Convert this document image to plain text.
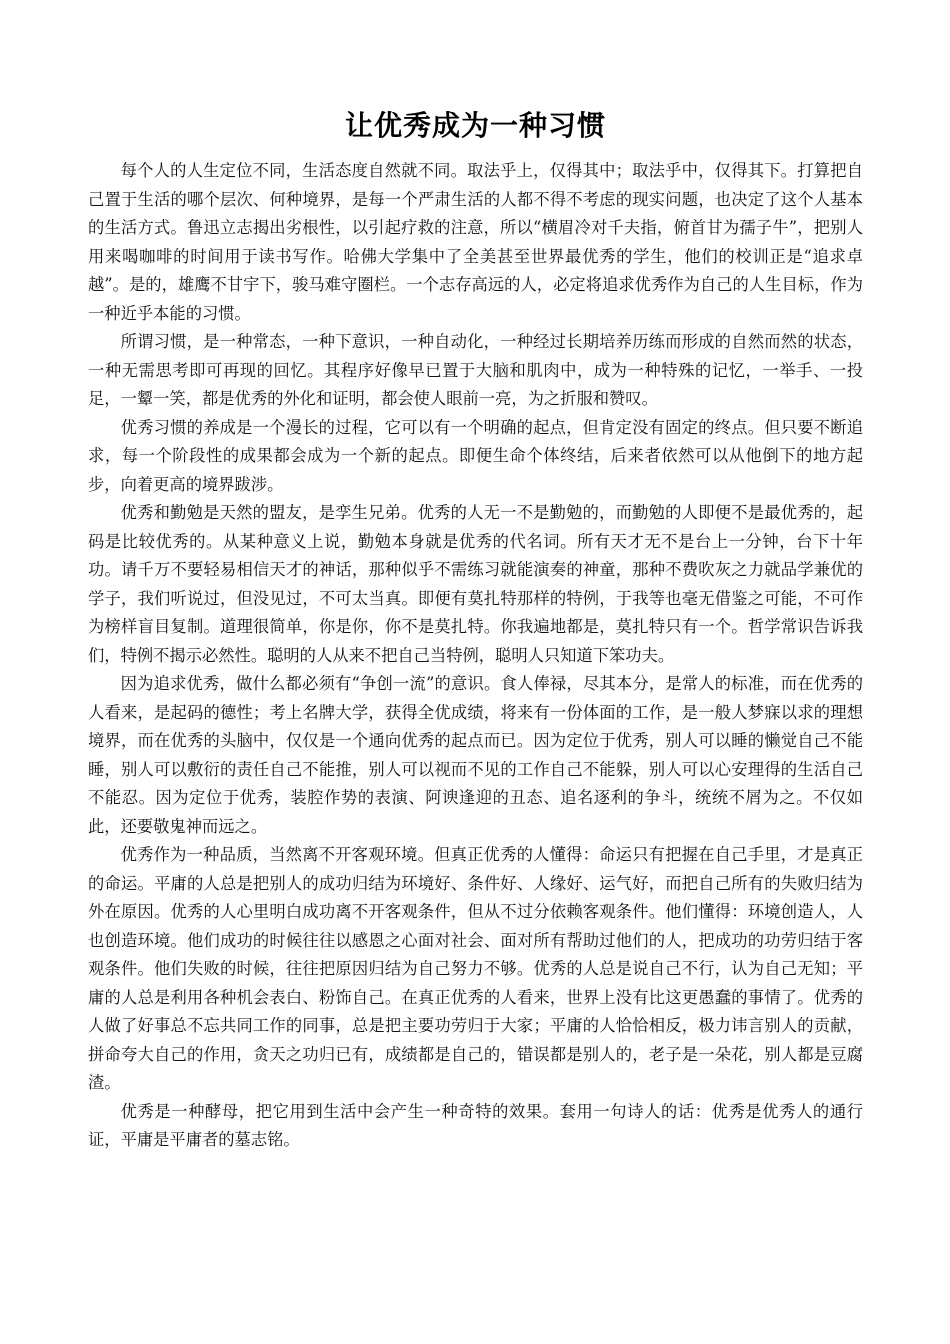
让优秀成为一种习惯

每个人的人生定位不同，生活态度自然就不同。取法乎上，仅得其中；取法乎中，仅得其下。打算把自己置于生活的哪个层次、何种境界，是每一个严肃生活的人都不得不考虑的现实问题，也决定了这个人基本的生活方式。鲁迅立志揭出劣根性，以引起疗救的注意，所以“横眉冷对千夫指，俯首甘为孺子牛”，把别人用来喝咖啡的时间用于读书写作。哈佛大学集中了全美甚至世界最优秀的学生，他们的校训正是“追求卓越”。是的，雄鹰不甘宇下，骏马难守圈栏。一个志存高远的人，必定将追求优秀作为自己的人生目标，作为一种近乎本能的习惯。

所谓习惯，是一种常态，一种下意识，一种自动化，一种经过长期培养历练而形成的自然而然的状态，一种无需思考即可再现的回忆。其程序好像早已置于大脑和肌肉中，成为一种特殊的记忆，一举手、一投足，一颦一笑，都是优秀的外化和证明，都会使人眼前一亮，为之折服和赞叹。

优秀习惯的养成是一个漫长的过程，它可以有一个明确的起点，但肯定没有固定的终点。但只要不断追求，每一个阶段性的成果都会成为一个新的起点。即便生命个体终结，后来者依然可以从他倒下的地方起步，向着更高的境界跋涉。

优秀和勤勉是天然的盟友，是孪生兄弟。优秀的人无一不是勤勉的，而勤勉的人即便不是最优秀的，起码是比较优秀的。从某种意义上说，勤勉本身就是优秀的代名词。所有天才无不是台上一分钟，台下十年功。请千万不要轻易相信天才的神话，那种似乎不需练习就能演奏的神童，那种不费吹灰之力就品学兼优的学子，我们听说过，但没见过，不可太当真。即便有莫扎特那样的特例，于我等也毫无借鉴之可能，不可作为榜样盲目复制。道理很简单，你是你，你不是莫扎特。你我遍地都是，莫扎特只有一个。哲学常识告诉我们，特例不揭示必然性。聪明的人从来不把自己当特例，聪明人只知道下笨功夫。

因为追求优秀，做什么都必须有“争创一流”的意识。食人俸禄，尽其本分，是常人的标准，而在优秀的人看来，是起码的德性；考上名牌大学，获得全优成绩，将来有一份体面的工作，是一般人梦寐以求的理想境界，而在优秀的头脑中，仅仅是一个通向优秀的起点而已。因为定位于优秀，别人可以睡的懒觉自己不能睡，别人可以敷衍的责任自己不能推，别人可以视而不见的工作自己不能躲，别人可以心安理得的生活自己不能忍。因为定位于优秀，装腔作势的表演、阿谀逢迎的丑态、追名逐利的争斗，统统不屑为之。不仅如此，还要敬鬼神而远之。

优秀作为一种品质，当然离不开客观环境。但真正优秀的人懂得：命运只有把握在自己手里，才是真正的命运。平庸的人总是把别人的成功归结为环境好、条件好、人缘好、运气好，而把自己所有的失败归结为外在原因。优秀的人心里明白成功离不开客观条件，但从不过分依赖客观条件。他们懂得：环境创造人，人也创造环境。他们成功的时候往往以感恩之心面对社会、面对所有帮助过他们的人，把成功的功劳归结于客观条件。他们失败的时候，往往把原因归结为自己努力不够。优秀的人总是说自己不行，认为自己无知；平庸的人总是利用各种机会表白、粉饰自己。在真正优秀的人看来，世界上没有比这更愚蠢的事情了。优秀的人做了好事总不忘共同工作的同事，总是把主要功劳归于大家；平庸的人恰恰相反，极力讳言别人的贡献，拼命夸大自己的作用，贪天之功归已有，成绩都是自己的，错误都是别人的，老子是一朵花，别人都是豆腐渣。

优秀是一种酵母，把它用到生活中会产生一种奇特的效果。套用一句诗人的话：优秀是优秀人的通行证，平庸是平庸者的墓志铭。
